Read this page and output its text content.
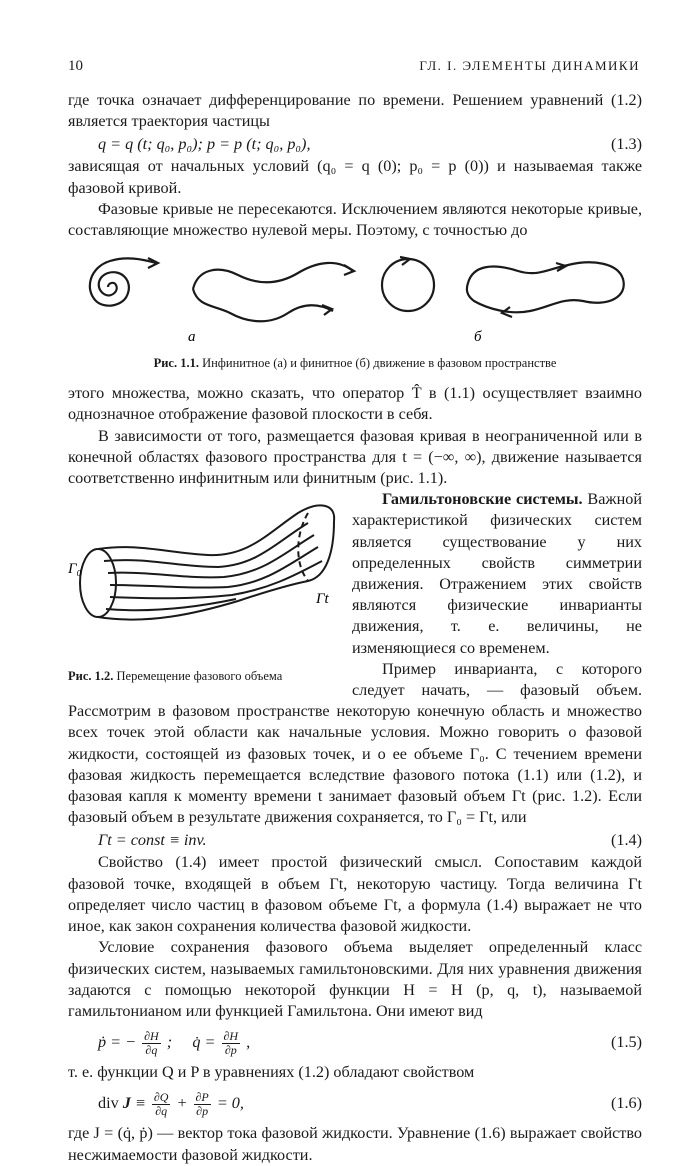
10	ГЛ. I. ЭЛЕМЕНТЫ ДИНАМИКИ

где точка означает дифференцирование по времени. Решением уравнений (1.2) является траектория частицы

q = q (t; q₀, p₀); p = p (t; q₀, p₀),	(1.3)

зависящая от начальных условий (q₀ = q (0); p₀ = p (0)) и называемая также фазовой кривой.

Фазовые кривые не пересекаются. Исключением являются некоторые кривые, составляющие множество нулевой меры. Поэтому, с точностью до

а	б
Рис. 1.1. Инфинитное (а) и финитное (б) движение в фазовом пространстве

этого множества, можно сказать, что оператор T̂ в (1.1) осуществляет взаимно однозначное отображение фазовой плоскости в себя.

В зависимости от того, размещается фазовая кривая в неограниченной или в конечной областях фазового пространства для t = (−∞, ∞), движение называется соответственно инфинитным или финитным (рис. 1.1).

Γ₀
Γt
Рис. 1.2. Перемещение фазового объема

Гамильтоновские системы. Важной характеристикой физических систем является существование у них определенных свойств симметрии движения. Отражением этих свойств являются физические инварианты движения, т. е. величины, не изменяющиеся со временем.

Пример инварианта, с которого следует начать, — фазовый объем. Рассмотрим в фазовом пространстве некоторую конечную область и множество всех точек этой области как начальные условия. Можно говорить о фазовой жидкости, состоящей из фазовых точек, и о ее объеме Γ₀. С течением времени фазовая жидкость перемещается вследствие фазового потока (1.1) или (1.2), и фазовая капля к моменту времени t занимает фазовый объем Γt (рис. 1.2). Если фазовый объем в результате движения сохраняется, то Γ₀ = Γt, или

Γt = const ≡ inv.	(1.4)

Свойство (1.4) имеет простой физический смысл. Сопоставим каждой фазовой точке, входящей в объем Γt, некоторую частицу. Тогда величина Γt определяет число частиц в фазовом объеме Γt, а формула (1.4) выражает не что иное, как закон сохранения количества фазовой жидкости.

Условие сохранения фазового объема выделяет определенный класс физических систем, называемых гамильтоновскими. Для них уравнения движения задаются с помощью некоторой функции H = H (p, q, t), называемой гамильтонианом или функцией Гамильтона. Они имеют вид

ṗ = − $\frac{\partial H}{\partial q}$ ;     q̇ = $\frac{\partial H}{\partial p}$ ,	(1.5)

т. е. функции Q и P в уравнениях (1.2) обладают свойством

div $J \equiv \frac{\partial Q}{\partial q} + \frac{\partial P}{\partial p} = 0$,	(1.6)

где J = (q̇, ṗ) — вектор тока фазовой жидкости. Уравнение (1.6) выражает свойство несжимаемости фазовой жидкости.
